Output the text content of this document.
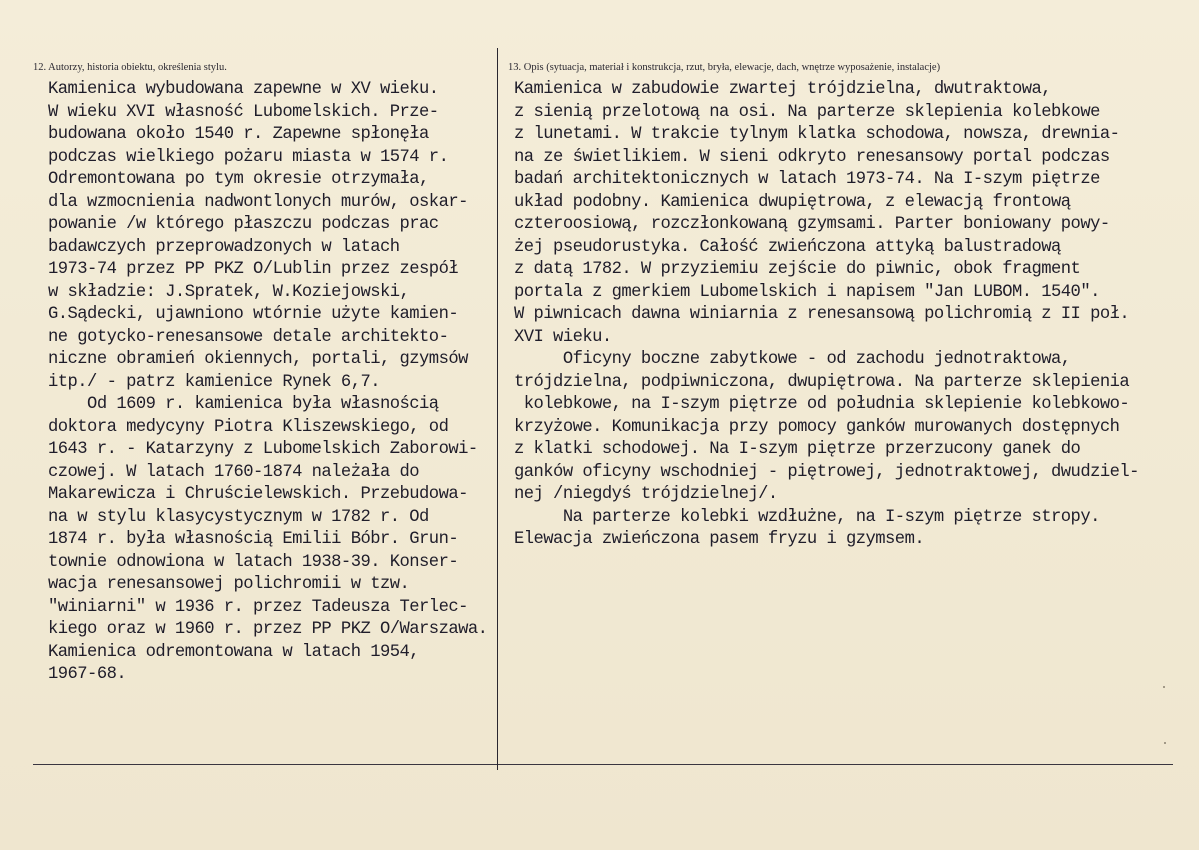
12. Autorzy, historia obiektu, określenia stylu.	13. Opis (sytuacja, materiał i konstrukcja, rzut, bryła, elewacje, dach, wnętrze wyposażenie, instalacje)
Kamienica wybudowana zapewne w XV wieku.
W wieku XVI własność Lubomelskich. Prze-
budowana około 1540 r. Zapewne spłonęła
podczas wielkiego pożaru miasta w 1574 r.
Odremontowana po tym okresie otrzymała,
dla wzmocnienia nadwontlonych murów, oskar-
powanie /w którego płaszczu podczas prac
badawczych przeprowadzonych w latach
1973-74 przez PP PKZ O/Lublin przez zespół
w składzie: J.Spratek, W.Koziejowski,
G.Sądecki, ujawniono wtórnie użyte kamien-
ne gotycko-renesansowe detale architekto-
niczne obramień okiennych, portali, gzymsów
itp./ - patrz kamienice Rynek 6,7.
Od 1609 r. kamienica była własnością
doktora medycyny Piotra Kliszewskiego, od
1643 r. - Katarzyny z Lubomelskich Zaborowi-
czowej. W latach 1760-1874 należała do
Makarewicza i Chruścielewskich. Przebudowa-
na w stylu klasycystycznym w 1782 r. Od
1874 r. była własnością Emilii Bóbr. Grun-
townie odnowiona w latach 1938-39. Konser-
wacja renesansowej polichromii w tzw.
"winiarni" w 1936 r. przez Tadeusza Terlec-
kiego oraz w 1960 r. przez PP PKZ O/Warszawa.
Kamienica odremontowana w latach 1954,
1967-68.
Kamienica w zabudowie zwartej trójdzielna, dwutraktowa,
z sienią przelotową na osi. Na parterze sklepienia kolebkowe
z lunetami. W trakcie tylnym klatka schodowa, nowsza, drewnia-
na ze świetlikiem. W sieni odkryto renesansowy portal podczas
badań architektonicznych w latach 1973-74. Na I-szym piętrze
układ podobny. Kamienica dwupiętrowa, z elewacją frontową
czteroosiową, rozczłonkowaną gzymsami. Parter boniowany powy-
żej pseudorustyka. Całość zwieńczona attyką balustradową
z datą 1782. W przyziemiu zejście do piwnic, obok fragment
portala z gmerkiem Lubomelskich i napisem "Jan LUBOM. 1540".
W piwnicach dawna winiarnia z renesansową polichromią z II poł.
XVI wieku.
Oficyny boczne zabytkowe - od zachodu jednotraktowa,
trójdzielna, podpiwniczona, dwupiętrowa. Na parterze sklepienia
kolebkowe, na I-szym piętrze od południa sklepienie kolebkowo-
krzyżowe. Komunikacja przy pomocy ganków murowanych dostępnych
z klatki schodowej. Na I-szym piętrze przerzucony ganek do
ganków oficyny wschodniej - piętrowej, jednotraktowej, dwudziel-
nej /niegdyś trójdzielnej/.
Na parterze kolebki wzdłużne, na I-szym piętrze stropy.
Elewacja zwieńczona pasem fryzu i gzymsem.
